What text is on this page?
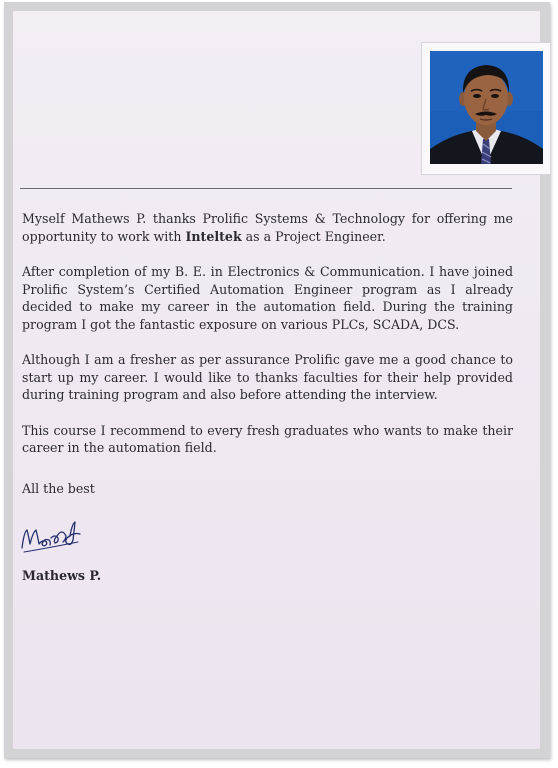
Myself Mathews P. thanks Prolific Systems & Technology for offering me opportunity to work with Inteltek as a Project Engineer.

After completion of my B. E. in Electronics & Communication. I have joined Prolific System’s Certified Automation Engineer program as I already decided to make my career in the automation field. During the training program I got the fantastic exposure on various PLCs, SCADA, DCS.

Although I am a fresher as per assurance Prolific gave me a good chance to start up my career. I would like to thanks faculties for their help provided during training program and also before attending the interview.

This course I recommend to every fresh graduates who wants to make their career in the automation field.

All the best
Mathews P.
